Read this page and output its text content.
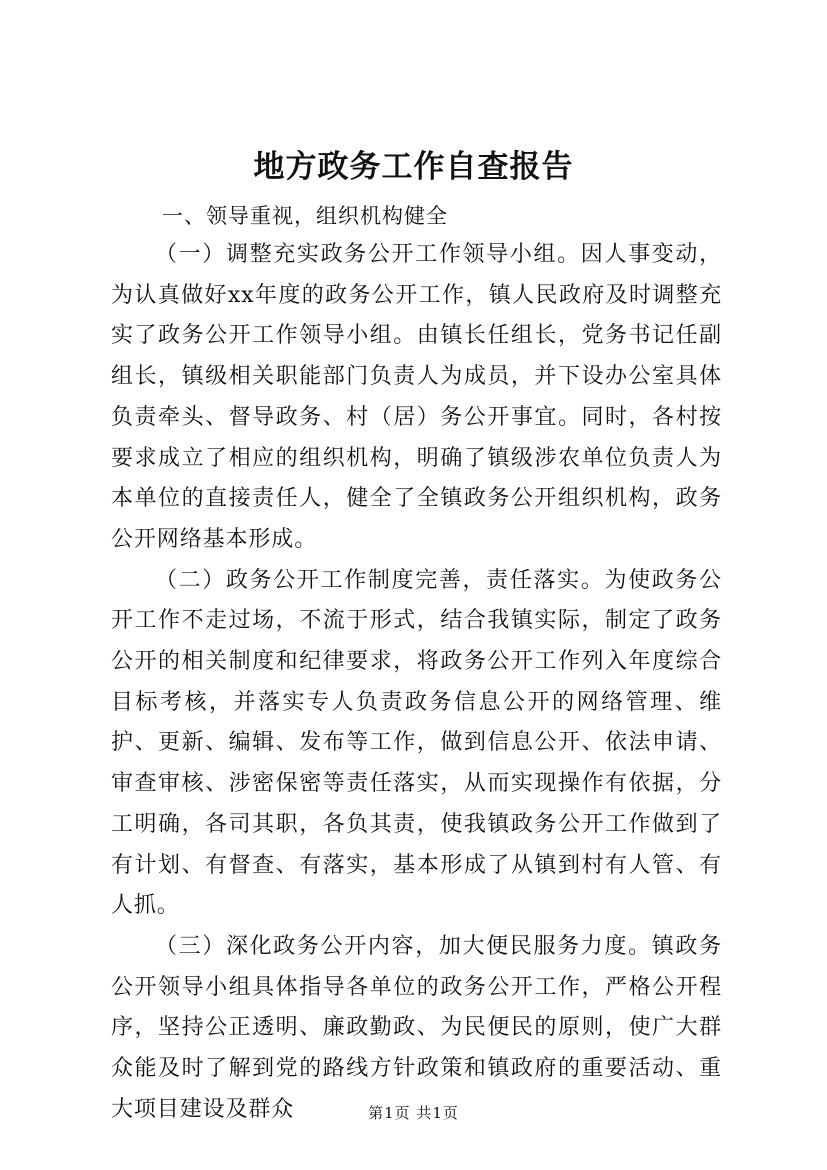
地方政务工作自查报告
一、领导重视，组织机构健全

（一）调整充实政务公开工作领导小组。因人事变动，为认真做好xx年度的政务公开工作，镇人民政府及时调整充实了政务公开工作领导小组。由镇长任组长，党务书记任副组长，镇级相关职能部门负责人为成员，并下设办公室具体负责牵头、督导政务、村（居）务公开事宜。同时，各村按要求成立了相应的组织机构，明确了镇级涉农单位负责人为本单位的直接责任人，健全了全镇政务公开组织机构，政务公开网络基本形成。

（二）政务公开工作制度完善，责任落实。为使政务公开工作不走过场，不流于形式，结合我镇实际，制定了政务公开的相关制度和纪律要求，将政务公开工作列入年度综合目标考核，并落实专人负责政务信息公开的网络管理、维护、更新、编辑、发布等工作，做到信息公开、依法申请、审查审核、涉密保密等责任落实，从而实现操作有依据，分工明确，各司其职，各负其责，使我镇政务公开工作做到了有计划、有督查、有落实，基本形成了从镇到村有人管、有人抓。

（三）深化政务公开内容，加大便民服务力度。镇政务公开领导小组具体指导各单位的政务公开工作，严格公开程序，坚持公正透明、廉政勤政、为民便民的原则，使广大群众能及时了解到党的路线方针政策和镇政府的重要活动、重大项目建设及群众	第1页 共1页
